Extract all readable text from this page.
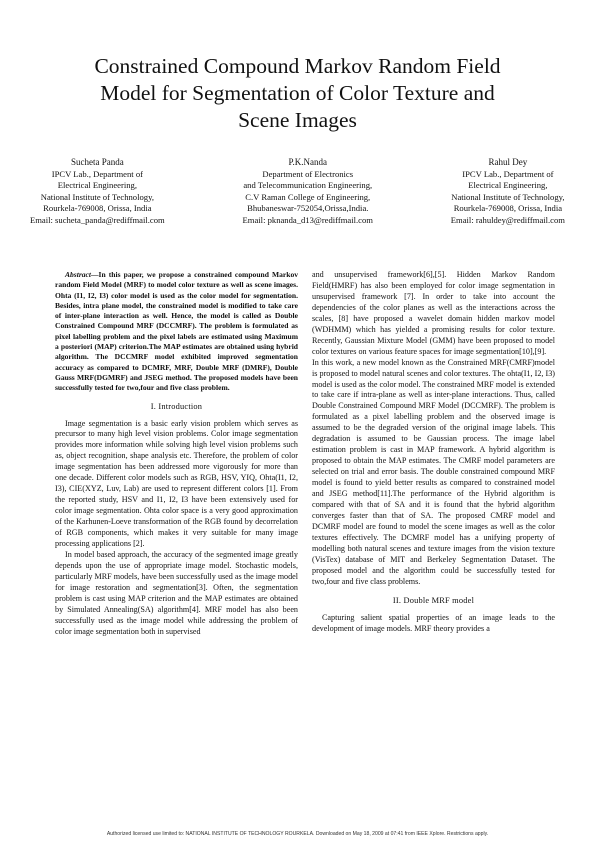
Constrained Compound Markov Random Field
Model for Segmentation of Color Texture and
Scene Images
Sucheta Panda
IPCV Lab., Department of
Electrical Engineering,
National Institute of Technology,
Rourkela-769008, Orissa, India
Email: sucheta_panda@rediffmail.com
P.K.Nanda
Department of Electronics
and Telecommunication Engineering,
C.V Raman College of Engineering,
Bhubaneswar-752054,Orissa,India.
Email: pknanda_d13@rediffmail.com
Rahul Dey
IPCV Lab., Department of
Electrical Engineering,
National Institute of Technology,
Rourkela-769008, Orissa, India
Email: rahuldey@rediffmail.com

Abstract—In this paper, we propose a constrained compound Markov random Field Model (MRF) to model color texture as well as scene images. Ohta (I1, I2, I3) color model is used as the color model for segmentation. Besides, intra plane model, the constrained model is modified to take care of inter-plane interaction as well. Hence, the model is called as Double Constrained Compound MRF (DCCMRF). The problem is formulated as pixel labelling problem and the pixel labels are estimated using Maximum a posteriori (MAP) criterion.The MAP estimates are obtained using hybrid algorithm. The DCCMRF model exhibited improved segmentation accuracy as compared to DCMRF, MRF, Double MRF (DMRF), Double Gauss MRF(DGMRF) and JSEG method. The proposed models have been successfully tested for two,four and five class problem.

I. Introduction

Image segmentation is a basic early vision problem which serves as precursor to many high level vision problems. Color image segmentation provides more information while solving high level vision problems such as, object recognition, shape analysis etc. Therefore, the problem of color image segmentation has been addressed more vigorously for more than one decade. Different color models such as RGB, HSV, YIQ, Ohta(I1, I2, I3), CIE(XYZ, Luv, Lab) are used to represent different colors [1]. From the reported study, HSV and I1, I2, I3 have been extensively used for color image segmentation. Ohta color space is a very good approximation of the Karhunen-Loeve transformation of the RGB found by decorrelation of RGB components, which makes it very suitable for many image processing applications [2].

In model based approach, the accuracy of the segmented image greatly depends upon the use of appropriate image model. Stochastic models, particularly MRF models, have been successfully used as the image model for image restoration and segmentation[3]. Often, the segmentation problem is cast using MAP criterion and the MAP estimates are obtained by Simulated Annealing(SA) algorithm[4]. MRF model has also been successfully used as the image model while addressing the problem of color image segmentation both in supervised

and unsupervised framework[6],[5]. Hidden Markov Random Field(HMRF) has also been employed for color image segmentation in unsupervised framework [7]. In order to take into account the dependencies of the color planes as well as the interactions across the scales, [8] have proposed a wavelet domain hidden markov model (WDHMM) which has yielded a promising results for color texture. Recently, Gaussian Mixture Model (GMM) have been proposed to model color textures on various feature spaces for image segmentation[10],[9].

In this work, a new model known as the Constrained MRF(CMRF)model is proposed to model natural scenes and color textures. The ohta(I1, I2, I3) model is used as the color model. The constrained MRF model is extended to take care if intra-plane as well as inter-plane interactions. Thus, called Double Constrained Compound MRF Model (DCCMRF). The problem is formulated as a pixel labelling problem and the observed image is assumed to be the degraded version of the original image labels. This degradation is assumed to be Gaussian process. The image label estimation problem is cast in MAP framework. A hybrid algorithm is proposed to obtain the MAP estimates. The CMRF model parameters are selected on trial and error basis. The double constrained compound MRF model is found to yield better results as compared to constrained model and JSEG method[11].The performance of the Hybrid algorithm is compared with that of SA and it is found that the hybrid algorithm converges faster than that of SA. The proposed CMRF model and DCMRF model are found to model the scene images as well as the color textures effectively. The DCMRF model has a unifying property of modelling both natural scenes and texture images from the vision texture (VisTex) database of MIT and Berkeley Segmentation Dataset. The proposed model and the algorithm could be successfully tested for two,four and five class problems.

II. Double MRF model

Capturing salient spatial properties of an image leads to the development of image models. MRF theory provides a

Authorized licensed use limited to: NATIONAL INSTITUTE OF TECHNOLOGY ROURKELA. Downloaded on May 18, 2009 at 07:41 from IEEE Xplore. Restrictions apply.
